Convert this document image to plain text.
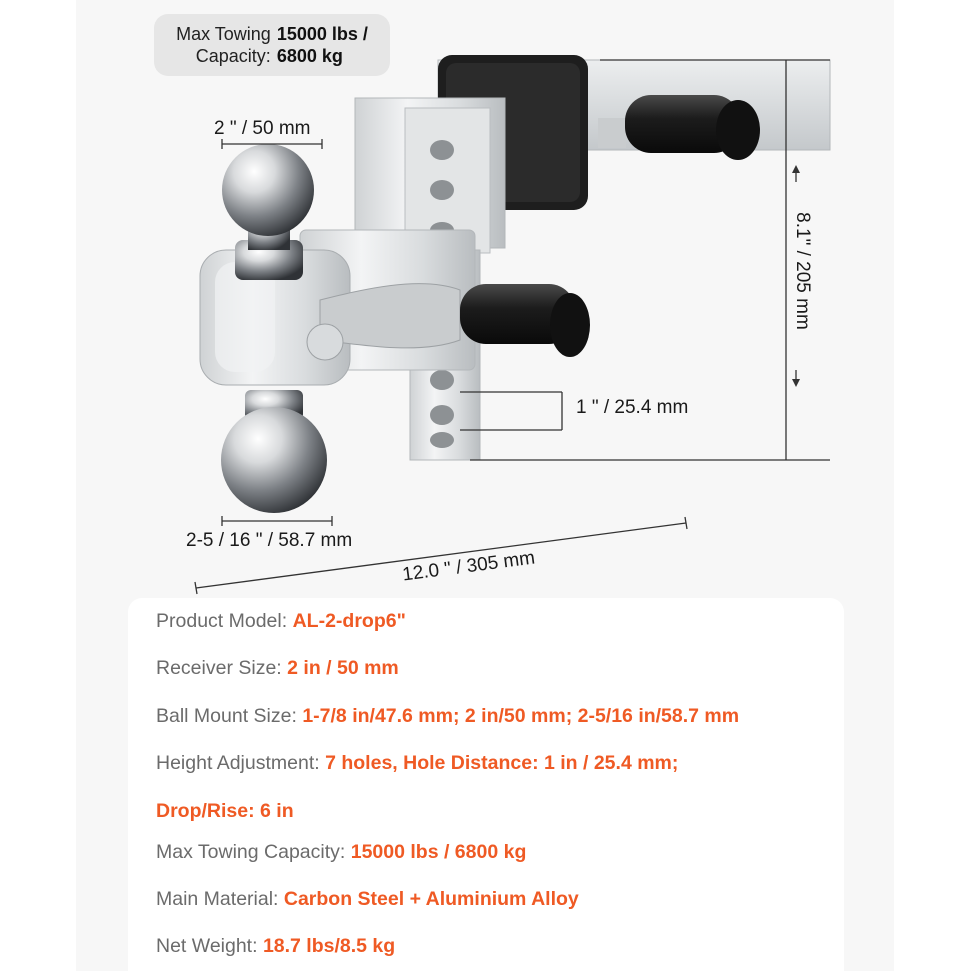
Max Towing 15000 lbs /
Capacity: 6800 kg
2 " / 50 mm
2-5 / 16 " / 58.7 mm
1 " / 25.4 mm
8.1" / 205 mm
12.0 " / 305 mm
Product Model: AL-2-drop6"
Receiver Size: 2 in / 50 mm
Ball Mount Size: 1-7/8 in/47.6 mm; 2 in/50 mm; 2-5/16 in/58.7 mm
Height Adjustment: 7 holes, Hole Distance: 1 in / 25.4 mm;
Drop/Rise: 6 in
Max Towing Capacity: 15000 lbs / 6800 kg
Main Material: Carbon Steel + Aluminium Alloy
Net Weight: 18.7 lbs/8.5 kg
